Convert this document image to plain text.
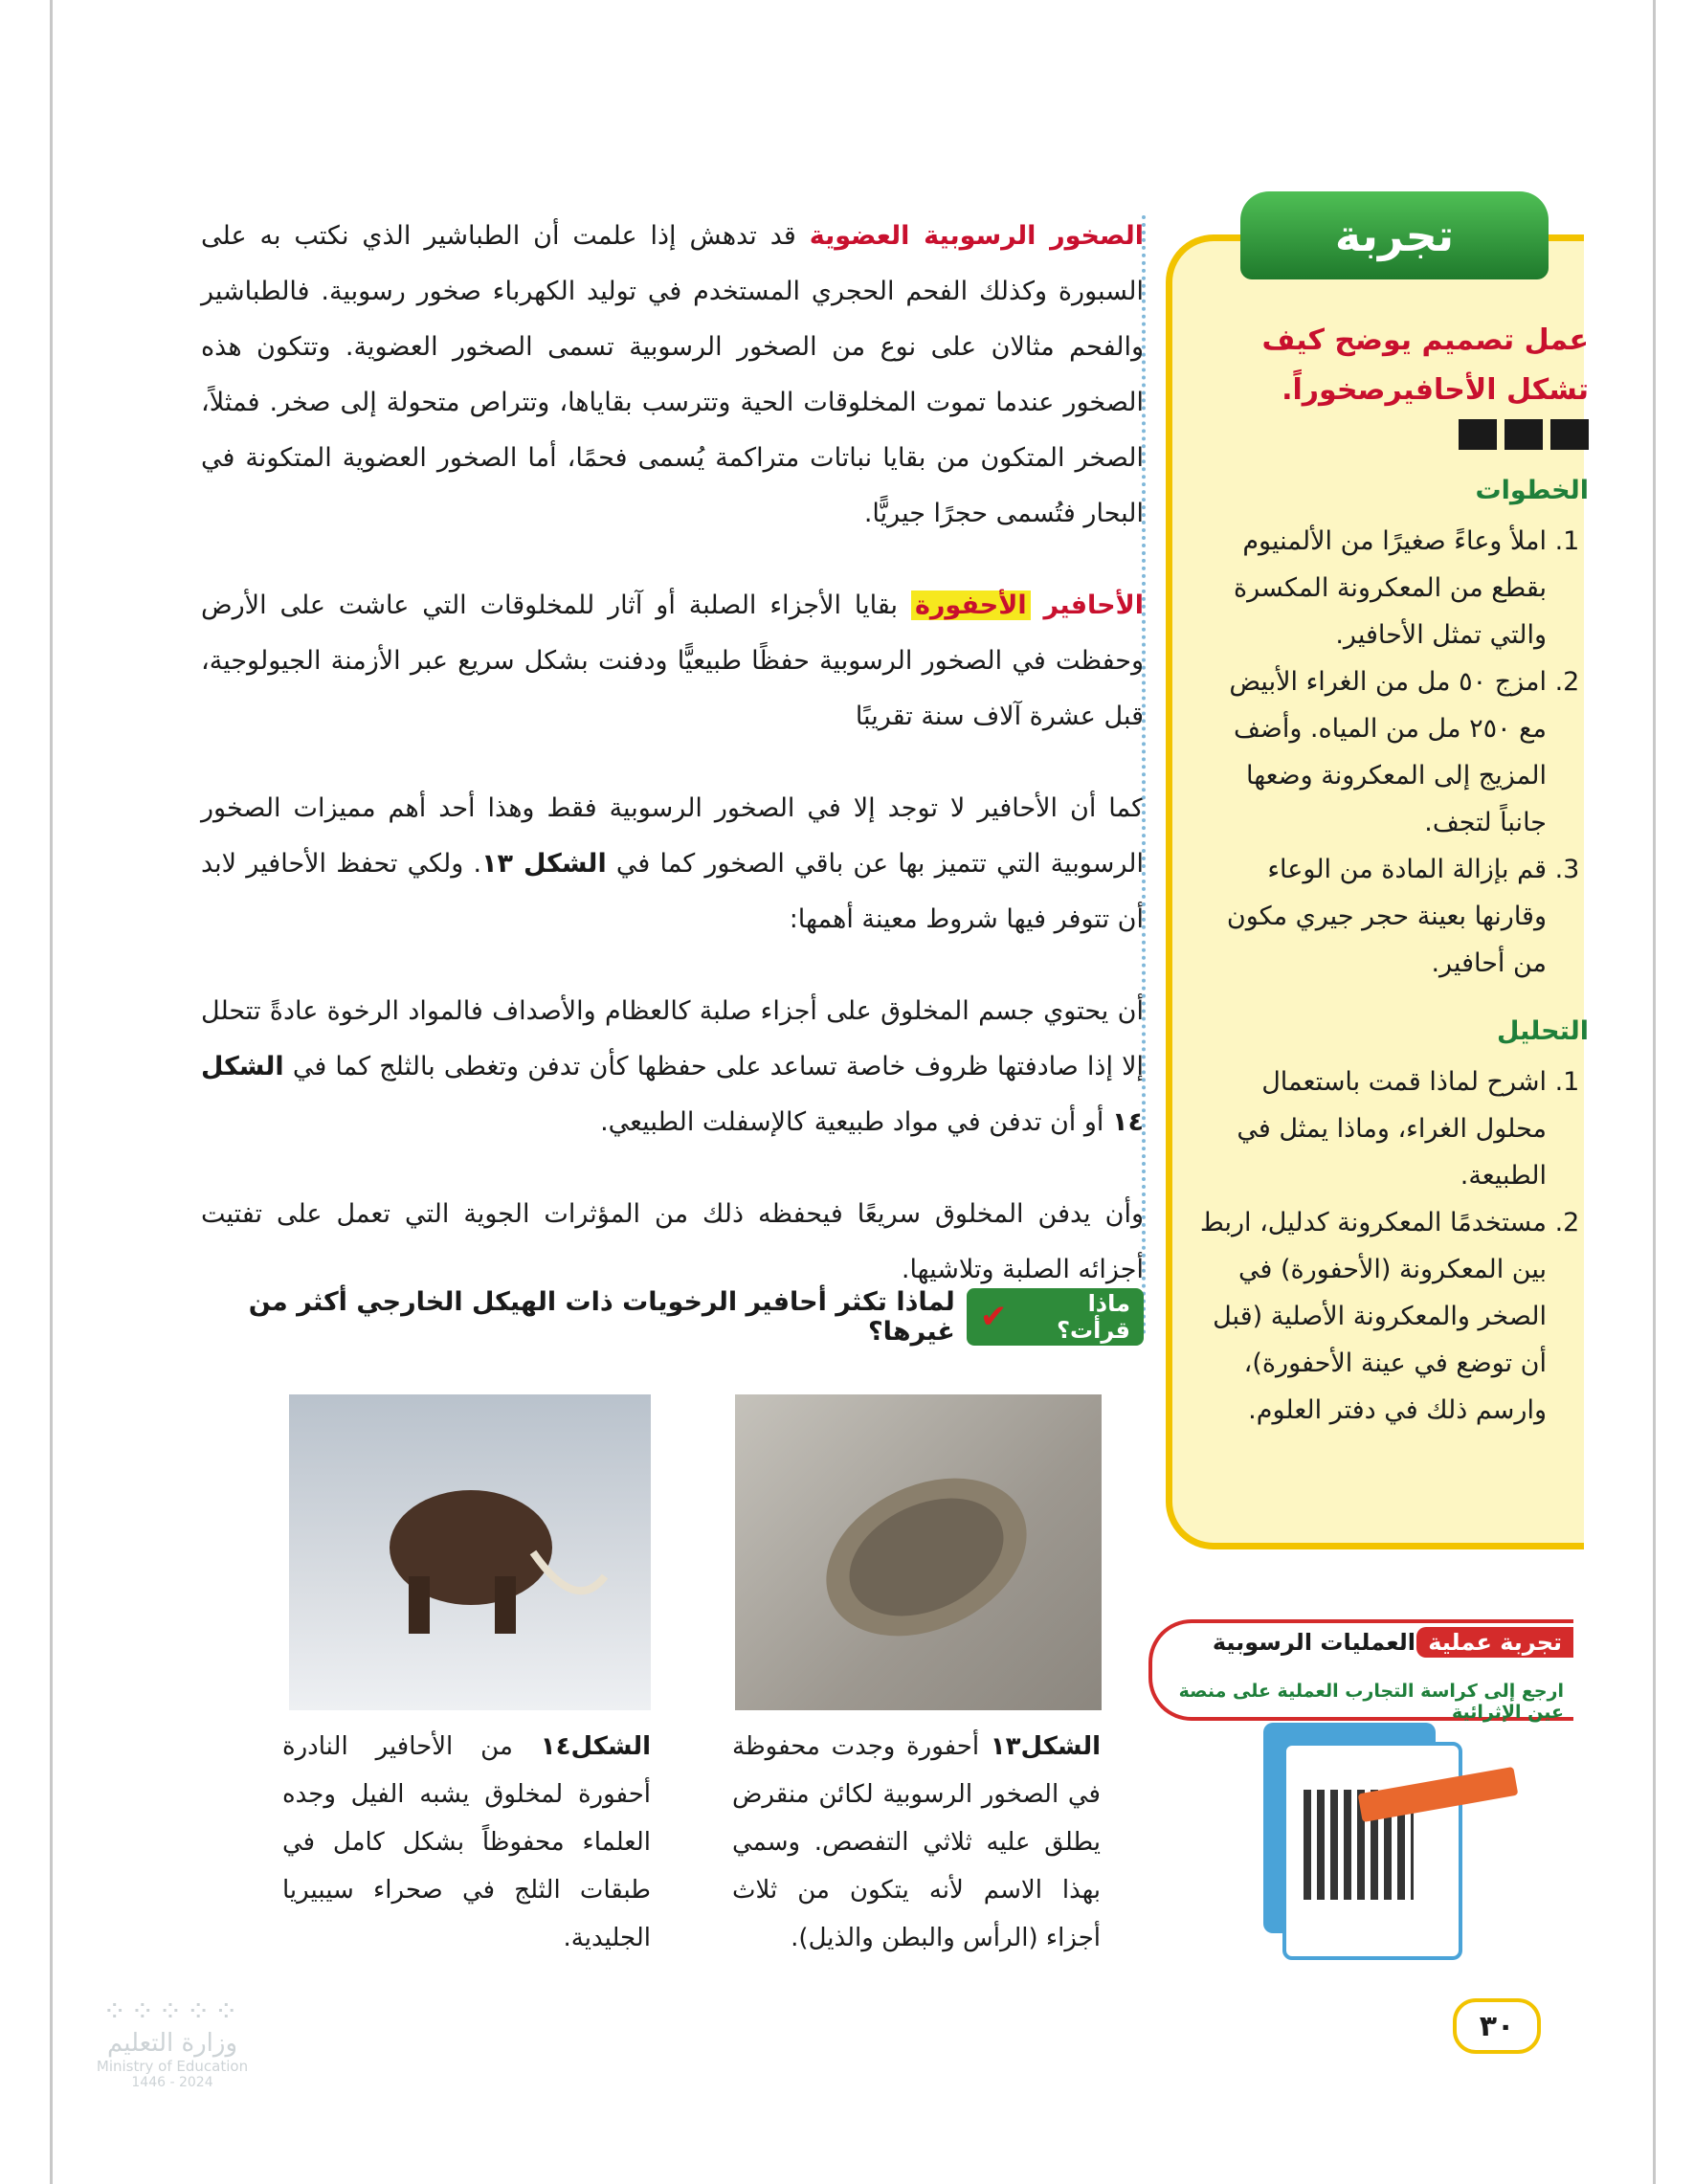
الصخور الرسوبية العضوية قد تدهش إذا علمت أن الطباشير الذي نكتب به على السبورة وكذلك الفحم الحجري المستخدم في توليد الكهرباء صخور رسوبية. فالطباشير والفحم مثالان على نوع من الصخور الرسوبية تسمى الصخور العضوية. وتتكون هذه الصخور عندما تموت المخلوقات الحية وتترسب بقاياها، وتتراص متحولة إلى صخر. فمثلاً، الصخر المتكون من بقايا نباتات متراكمة يُسمى فحمًا، أما الصخور العضوية المتكونة في البحار فتُسمى حجرًا جيريًّا.

الأحافير الأحفورة بقايا الأجزاء الصلبة أو آثار للمخلوقات التي عاشت على الأرض وحفظت في الصخور الرسوبية حفظًا طبيعيًّا ودفنت بشكل سريع عبر الأزمنة الجيولوجية، قبل عشرة آلاف سنة تقريبًا

كما أن الأحافير لا توجد إلا في الصخور الرسوبية فقط وهذا أحد أهم مميزات الصخور الرسوبية التي تتميز بها عن باقي الصخور كما في الشكل ١٣. ولكي تحفظ الأحافير لابد أن تتوفر فيها شروط معينة أهمها:

أن يحتوي جسم المخلوق على أجزاء صلبة كالعظام والأصداف فالمواد الرخوة عادةً تتحلل إلا إذا صادفتها ظروف خاصة تساعد على حفظها كأن تدفن وتغطى بالثلج كما في الشكل ١٤ أو أن تدفن في مواد طبيعية كالإسفلت الطبيعي.

وأن يدفن المخلوق سريعًا فيحفظه ذلك من المؤثرات الجوية التي تعمل على تفتيت أجزائه الصلبة وتلاشيها.

ماذا قرأت؟
✔
لماذا تكثر أحافير الرخويات ذات الهيكل الخارجي أكثر من غيرها؟
الشكل١٣ أحفورة وجدت محفوظة في الصخور الرسوبية لكائن منقرض يطلق عليه ثلاثي التفصص. وسمي بهذا الاسم لأنه يتكون من ثلاث أجزاء (الرأس والبطن والذيل).
الشكل١٤ من الأحافير النادرة أحفورة لمخلوق يشبه الفيل وجده العلماء محفوظاً بشكل كامل في طبقات الثلج في صحراء سيبيريا الجليدية.
تجربة

عمل تصميم يوضح كيف تشكل الأحافيرصخوراً.

الخطوات
1. املأ وعاءً صغيرًا من الألمنيوم بقطع من المعكرونة المكسرة والتي تمثل الأحافير.
2. امزج ٥٠ مل من الغراء الأبيض مع ٢٥٠ مل من المياه. وأضف المزيج إلى المعكرونة وضعها جانباً لتجف.
3. قم بإزالة المادة من الوعاء وقارنها بعينة حجر جيري مكون من أحافير.
التحليل
1. اشرح لماذا قمت باستعمال محلول الغراء، وماذا يمثل في الطبيعة.
2. مستخدمًا المعكرونة كدليل، اربط بين المعكرونة (الأحفورة) في الصخر والمعكرونة الأصلية (قبل أن توضع في عينة الأحفورة)، وارسم ذلك في دفتر العلوم.
تجربة عملية
العمليات الرسوبية
ارجع إلى كراسة التجارب العملية على منصة عين الإثرائية
٣٠
⁘⁘⁘⁘⁘
وزارة التعليم
Ministry of Education
2024 - 1446
